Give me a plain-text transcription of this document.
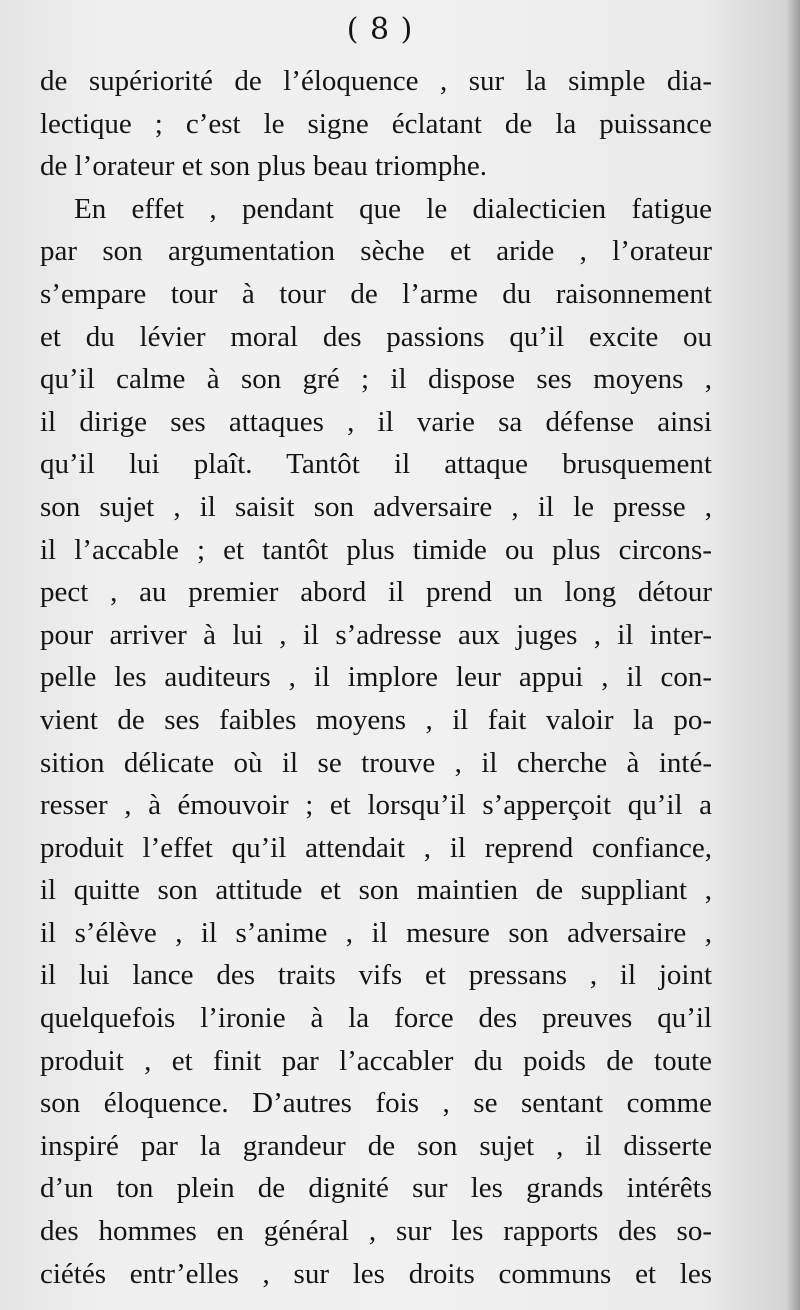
( 8 )
de supériorité de l’éloquence , sur la simple dia-
lectique ; c’est le signe éclatant de la puissance
de l’orateur et son plus beau triomphe.
En effet , pendant que le dialecticien fatigue
par son argumentation sèche et aride , l’orateur
s’empare tour à tour de l’arme du raisonnement
et du lévier moral des passions qu’il excite ou
qu’il calme à son gré ; il dispose ses moyens ,
il dirige ses attaques , il varie sa défense ainsi
qu’il lui plaît. Tantôt il attaque brusquement
son sujet , il saisit son adversaire , il le presse ,
il l’accable ; et tantôt plus timide ou plus circons-
pect , au premier abord il prend un long détour
pour arriver à lui , il s’adresse aux juges , il inter-
pelle les auditeurs , il implore leur appui , il con-
vient de ses faibles moyens , il fait valoir la po-
sition délicate où il se trouve , il cherche à inté-
resser , à émouvoir ; et lorsqu’il s’apperçoit qu’il a
produit l’effet qu’il attendait , il reprend confiance,
il quitte son attitude et son maintien de suppliant ,
il s’élève , il s’anime , il mesure son adversaire ,
il lui lance des traits vifs et pressans , il joint
quelquefois l’ironie à la force des preuves qu’il
produit , et finit par l’accabler du poids de toute
son éloquence. D’autres fois , se sentant comme
inspiré par la grandeur de son sujet , il disserte
d’un ton plein de dignité sur les grands intérêts
des hommes en général , sur les rapports des so-
ciétés entr’elles , sur les droits communs et les
